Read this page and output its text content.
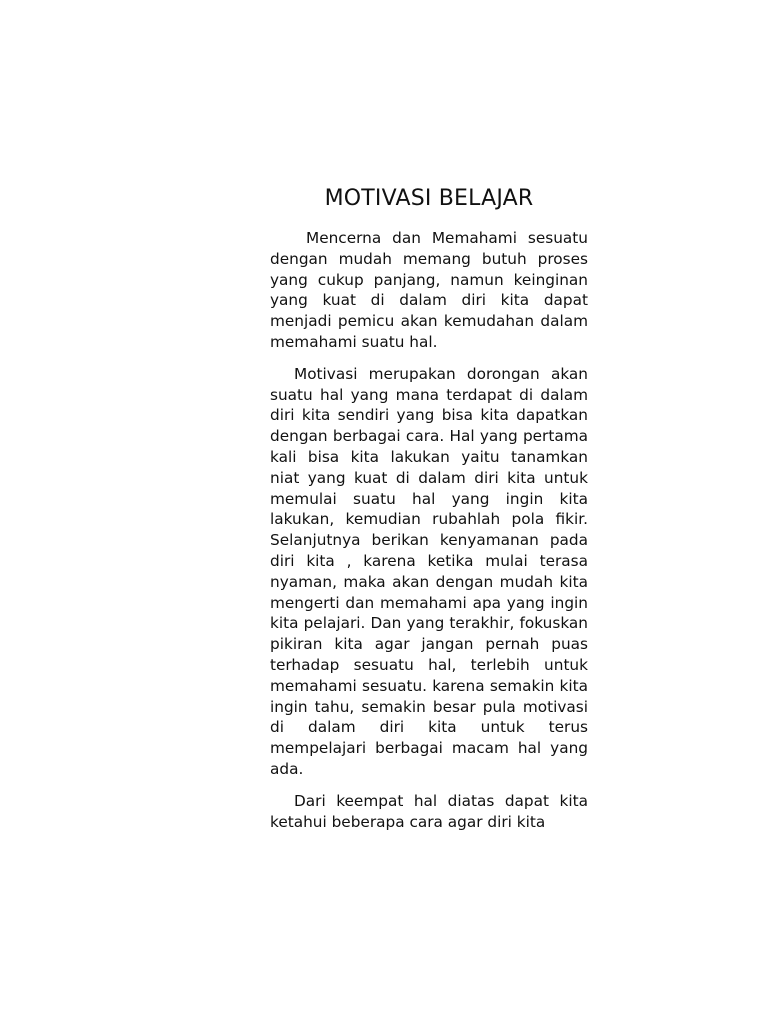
MOTIVASI BELAJAR

Mencerna dan Memahami sesuatu dengan mudah memang butuh proses yang cukup panjang, namun keinginan yang kuat di dalam diri kita dapat menjadi pemicu akan kemudahan dalam memahami suatu hal.

Motivasi merupakan dorongan akan suatu hal yang mana terdapat di dalam diri kita sendiri yang bisa kita dapatkan dengan berbagai cara. Hal yang pertama kali bisa kita lakukan yaitu tanamkan niat yang kuat di dalam diri kita untuk memulai suatu hal yang ingin kita lakukan, kemudian rubahlah pola fikir. Selanjutnya berikan kenyamanan pada diri kita , karena ketika mulai terasa nyaman, maka akan dengan mudah kita mengerti dan memahami apa yang ingin kita pelajari. Dan yang terakhir, fokuskan pikiran kita agar jangan pernah puas terhadap sesuatu hal, terlebih untuk memahami sesuatu. karena semakin kita ingin tahu, semakin besar pula motivasi di dalam diri kita untuk terus mempelajari berbagai macam hal yang ada.

Dari keempat hal diatas dapat kita ketahui beberapa cara agar diri kita
